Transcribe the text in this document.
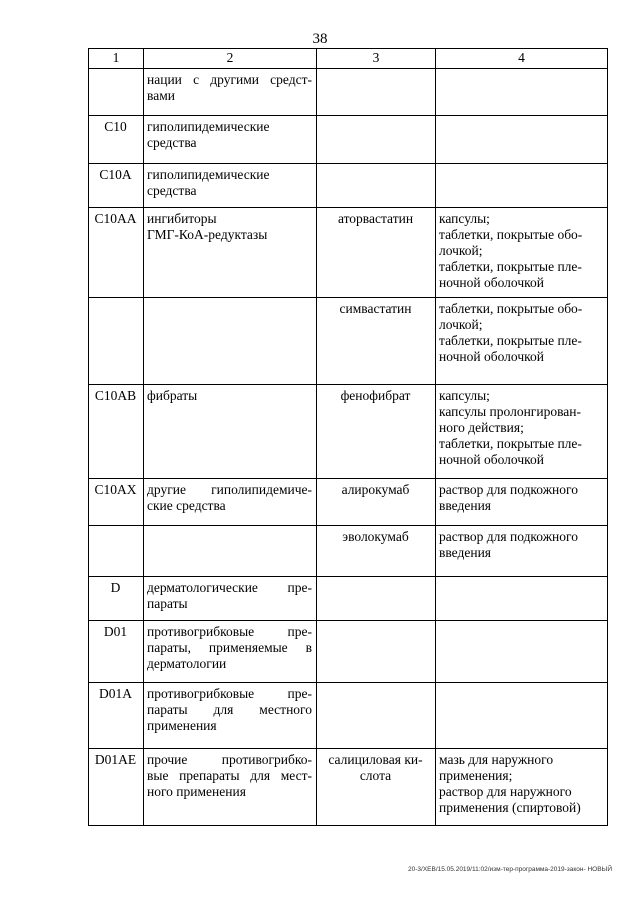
38
1	2	3	4

	нации с другими средст-
вами		

C10	гиполипидемические
средства		

C10A	гиполипидемические
средства		

C10AA	ингибиторы
ГМГ-КоА-редуктазы	аторвастатин	капсулы;
таблетки, покрытые обо-
лочкой;
таблетки, покрытые пле-
ночной оболочкой

		симвастатин	таблетки, покрытые обо-
лочкой;
таблетки, покрытые пле-
ночной оболочкой

C10AB	фибраты	фенофибрат	капсулы;
капсулы пролонгирован-
ного действия;
таблетки, покрытые пле-
ночной оболочкой

C10AX	другие гиполипидемиче-
ские средства	алирокумаб	раствор для подкожного
введения

		эволокумаб	раствор для подкожного
введения

D	дерматологические пре-
параты		

D01	противогрибковые пре-
параты, применяемые в
дерматологии		

D01A	противогрибковые пре-
параты для местного
применения		

D01AE	прочие противогрибко-
вые препараты для мест-
ного применения	салициловая ки- слота	мазь для наружного
применения;
раствор для наружного
применения (спиртовой)
20-3/ХЕВ/15.05.2019/11:02/изм-тер-программа-2019-закон- НОВЫЙ
